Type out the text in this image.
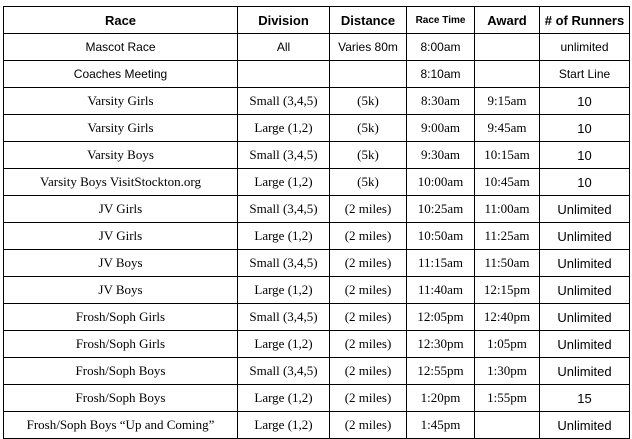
Race	Division	Distance	Race Time	Award	# of Runners
Mascot Race	All	Varies 80m	8:00am		unlimited
Coaches Meeting			8:10am		Start Line
Varsity Girls	Small (3,4,5)	(5k)	8:30am	9:15am	10
Varsity Girls	Large (1,2)	(5k)	9:00am	9:45am	10
Varsity Boys	Small (3,4,5)	(5k)	9:30am	10:15am	10
Varsity Boys VisitStockton.org	Large (1,2)	(5k)	10:00am	10:45am	10
JV Girls	Small (3,4,5)	(2 miles)	10:25am	11:00am	Unlimited
JV Girls	Large (1,2)	(2 miles)	10:50am	11:25am	Unlimited
JV Boys	Small (3,4,5)	(2 miles)	11:15am	11:50am	Unlimited
JV Boys	Large (1,2)	(2 miles)	11:40am	12:15pm	Unlimited
Frosh/Soph Girls	Small (3,4,5)	(2 miles)	12:05pm	12:40pm	Unlimited
Frosh/Soph Girls	Large (1,2)	(2 miles)	12:30pm	1:05pm	Unlimited
Frosh/Soph Boys	Small (3,4,5)	(2 miles)	12:55pm	1:30pm	Unlimited
Frosh/Soph Boys	Large (1,2)	(2 miles)	1:20pm	1:55pm	15
Frosh/Soph Boys “Up and Coming”	Large (1,2)	(2 miles)	1:45pm		Unlimited
